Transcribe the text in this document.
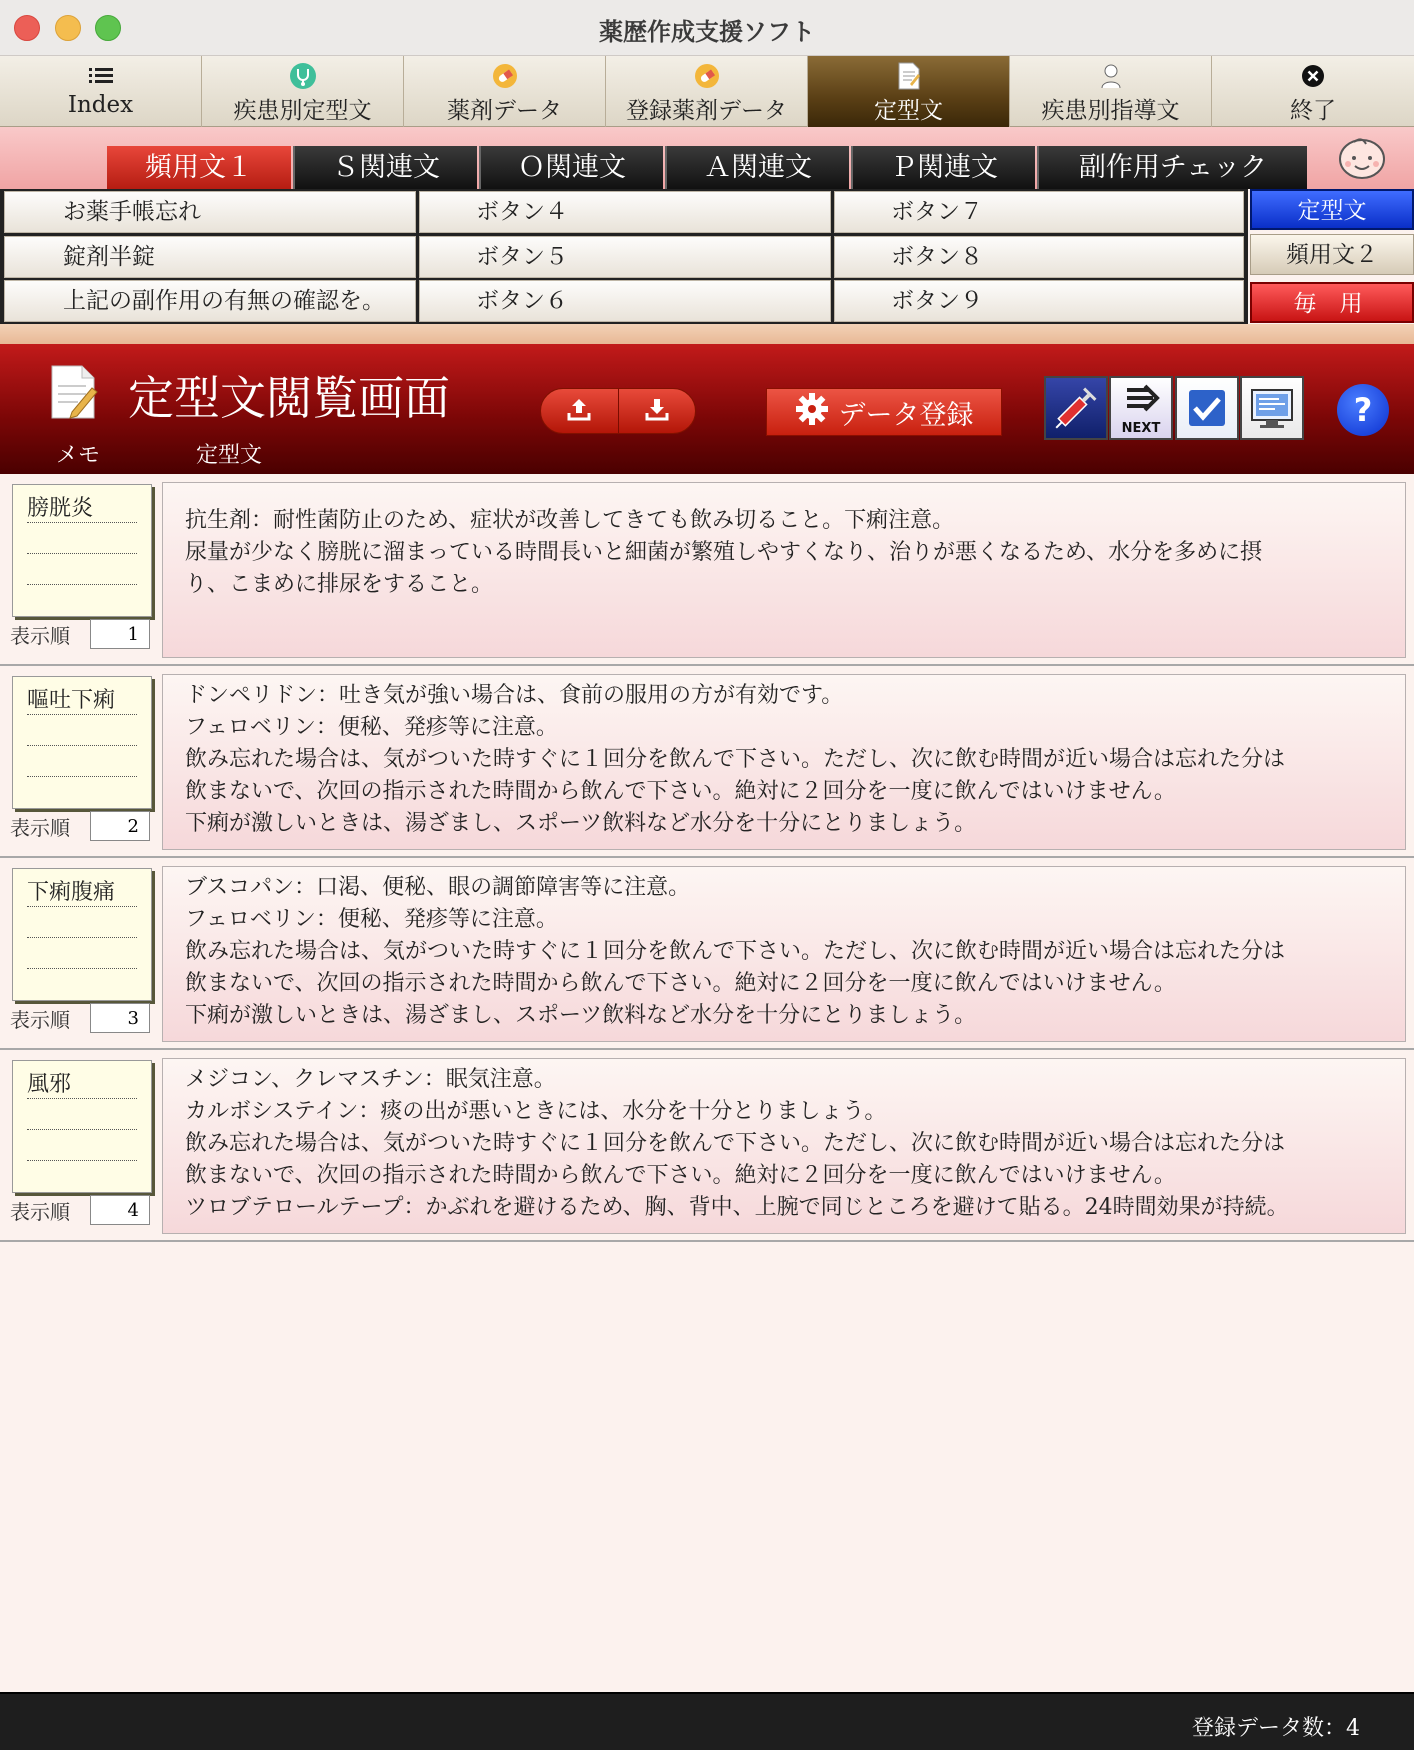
薬歴作成支援ソフト
Index	疾患別定型文	薬剤データ	登録薬剤データ	定型文	疾患別指導文	終了
頻用文１	Ｓ関連文	Ｏ関連文	Ａ関連文	Ｐ関連文	副作用チェック
お薬手帳忘れ	ボタン４	ボタン７
錠剤半錠	ボタン５	ボタン８
上記の副作用の有無の確認を。	ボタン６	ボタン９
定型文
頻用文２
毎 用
定型文閲覧画面
メモ	定型文
データ登録	NEXT	?
膀胱炎
表示順	1
抗生剤：耐性菌防止のため、症状が改善してきても飲み切ること。下痢注意。
尿量が少なく膀胱に溜まっている時間長いと細菌が繁殖しやすくなり、治りが悪くなるため、水分を多めに摂
り、こまめに排尿をすること。
嘔吐下痢
表示順	2
ドンペリドン：吐き気が強い場合は、食前の服用の方が有効です。
フェロベリン：便秘、発疹等に注意。
飲み忘れた場合は、気がついた時すぐに１回分を飲んで下さい。ただし、次に飲む時間が近い場合は忘れた分は
飲まないで、次回の指示された時間から飲んで下さい。絶対に２回分を一度に飲んではいけません。
下痢が激しいときは、湯ざまし、スポーツ飲料など水分を十分にとりましょう。
下痢腹痛
表示順	3
ブスコパン：口渇、便秘、眼の調節障害等に注意。
フェロベリン：便秘、発疹等に注意。
飲み忘れた場合は、気がついた時すぐに１回分を飲んで下さい。ただし、次に飲む時間が近い場合は忘れた分は
飲まないで、次回の指示された時間から飲んで下さい。絶対に２回分を一度に飲んではいけません。
下痢が激しいときは、湯ざまし、スポーツ飲料など水分を十分にとりましょう。
風邪
表示順	4
メジコン、クレマスチン：眠気注意。
カルボシステイン：痰の出が悪いときには、水分を十分とりましょう。
飲み忘れた場合は、気がついた時すぐに１回分を飲んで下さい。ただし、次に飲む時間が近い場合は忘れた分は
飲まないで、次回の指示された時間から飲んで下さい。絶対に２回分を一度に飲んではいけません。
ツロブテロールテープ：かぶれを避けるため、胸、背中、上腕で同じところを避けて貼る。24時間効果が持続。
登録データ数：4
